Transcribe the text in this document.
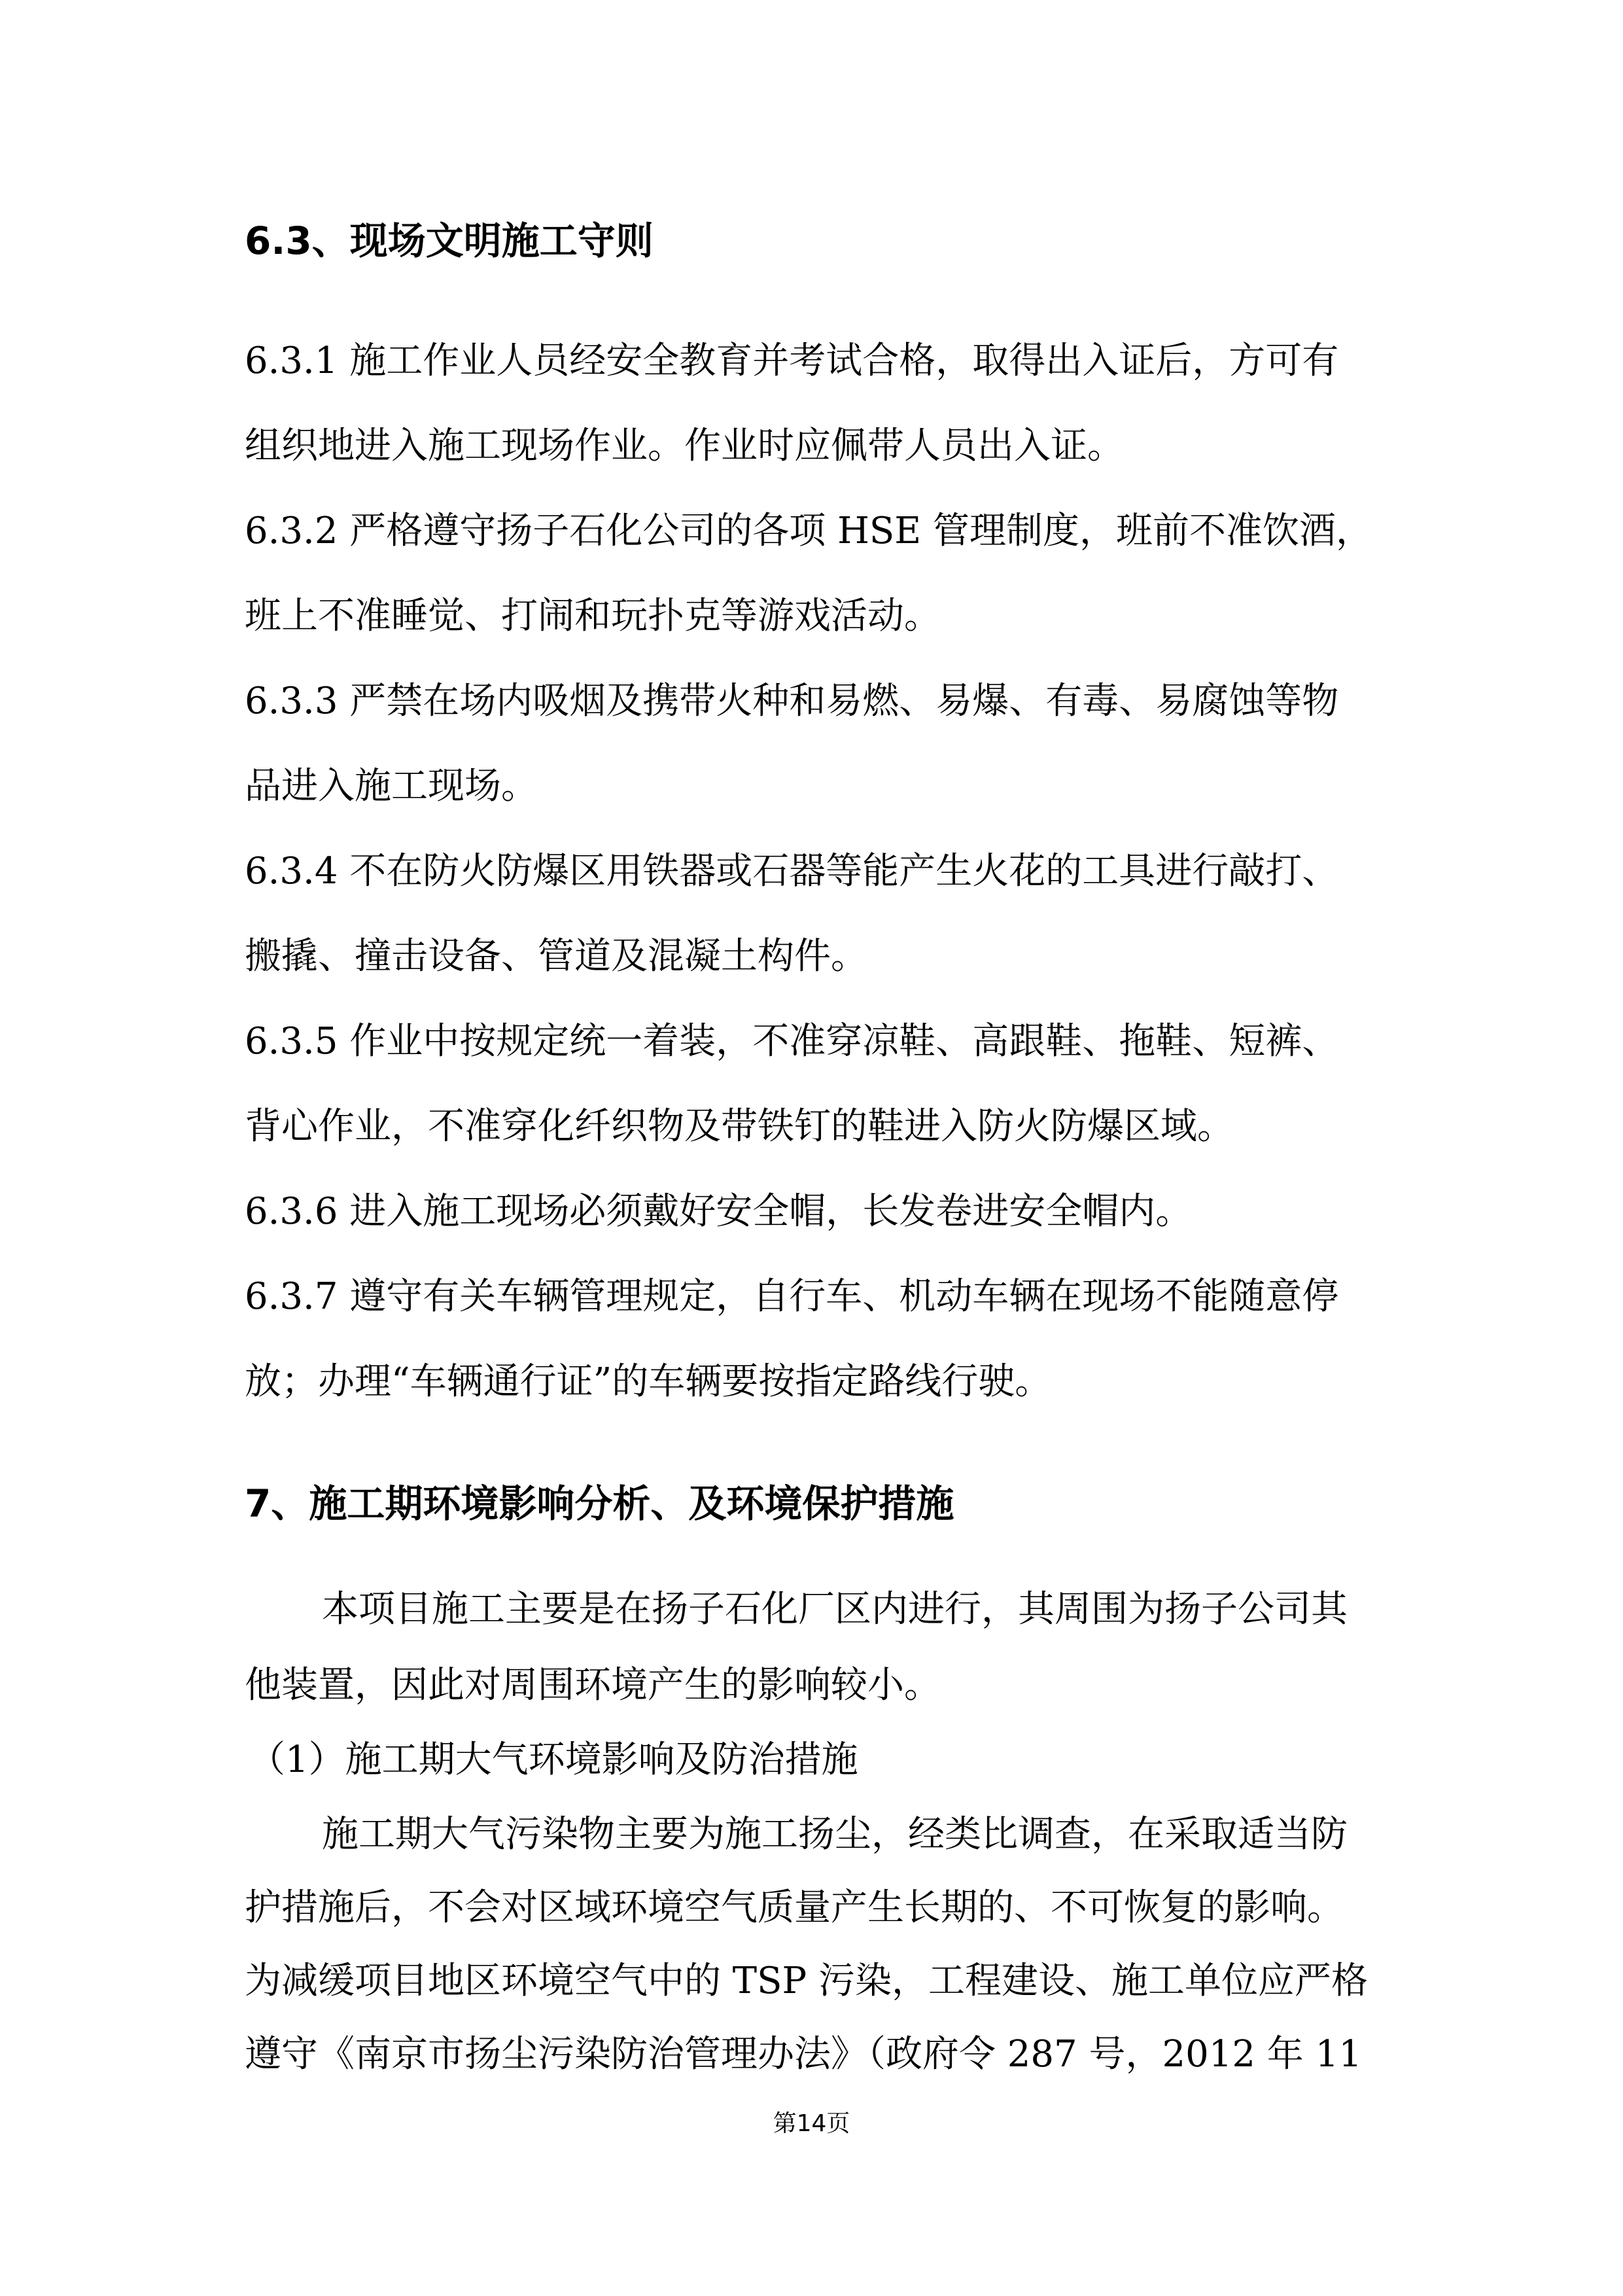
6.3、现场文明施工守则
6.3.1 施工作业人员经安全教育并考试合格，取得出入证后，方可有
组织地进入施工现场作业。作业时应佩带人员出入证。
6.3.2 严格遵守扬子石化公司的各项 HSE 管理制度，班前不准饮酒，
班上不准睡觉、打闹和玩扑克等游戏活动。
6.3.3 严禁在场内吸烟及携带火种和易燃、易爆、有毒、易腐蚀等物
品进入施工现场。
6.3.4 不在防火防爆区用铁器或石器等能产生火花的工具进行敲打、
搬撬、撞击设备、管道及混凝土构件。
6.3.5 作业中按规定统一着装，不准穿凉鞋、高跟鞋、拖鞋、短裤、
背心作业，不准穿化纤织物及带铁钉的鞋进入防火防爆区域。
6.3.6 进入施工现场必须戴好安全帽，长发卷进安全帽内。
6.3.7 遵守有关车辆管理规定，自行车、机动车辆在现场不能随意停
放；办理“车辆通行证”的车辆要按指定路线行驶。
7、施工期环境影响分析、及环境保护措施
本项目施工主要是在扬子石化厂区内进行，其周围为扬子公司其
他装置，因此对周围环境产生的影响较小。
（1）施工期大气环境影响及防治措施
施工期大气污染物主要为施工扬尘，经类比调查，在采取适当防
护措施后，不会对区域环境空气质量产生长期的、不可恢复的影响。
为减缓项目地区环境空气中的 TSP 污染，工程建设、施工单位应严格
遵守《南京市扬尘污染防治管理办法》（政府令 287 号，2012 年 11
第14页
